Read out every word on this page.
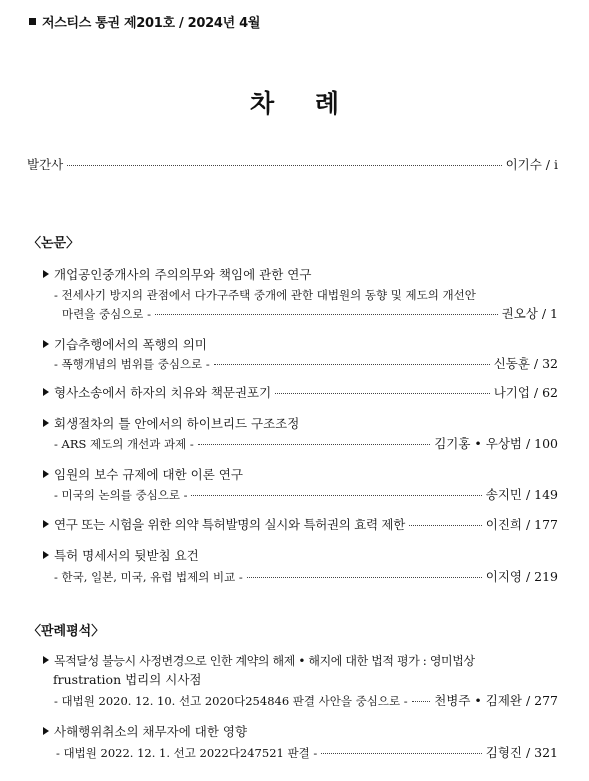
저스티스 통권 제201호 / 2024년 4월
차 례
발간사	이기수 / i
〈논문〉
개업공인중개사의 주의의무와 책임에 관한 연구
- 전세사기 방지의 관점에서 다가구주택 중개에 관한 대법원의 동향 및 제도의 개선안
마련을 중심으로 -	권오상 / 1
기습추행에서의 폭행의 의미
- 폭행개념의 범위를 중심으로 -	신동훈 / 32
형사소송에서 하자의 치유와 책문권포기	나기업 / 62
회생절차의 틀 안에서의 하이브리드 구조조정
- ARS 제도의 개선과 과제 -	김기홍 • 우상범 / 100
임원의 보수 규제에 대한 이론 연구
- 미국의 논의를 중심으로 -	송지민 / 149
연구 또는 시험을 위한 의약 특허발명의 실시와 특허권의 효력 제한	이진희 / 177
특허 명세서의 뒷받침 요건
- 한국, 일본, 미국, 유럽 법제의 비교 -	이지영 / 219
〈판례평석〉
목적달성 불능시 사정변경으로 인한 계약의 해제 • 해지에 대한 법적 평가 : 영미법상
frustration 법리의 시사점
- 대법원 2020. 12. 10. 선고 2020다254846 판결 사안을 중심으로 - 천병주 • 김제완 / 277
사해행위취소의 채무자에 대한 영향
- 대법원 2022. 12. 1. 선고 2022다247521 판결 -	김형진 / 321
